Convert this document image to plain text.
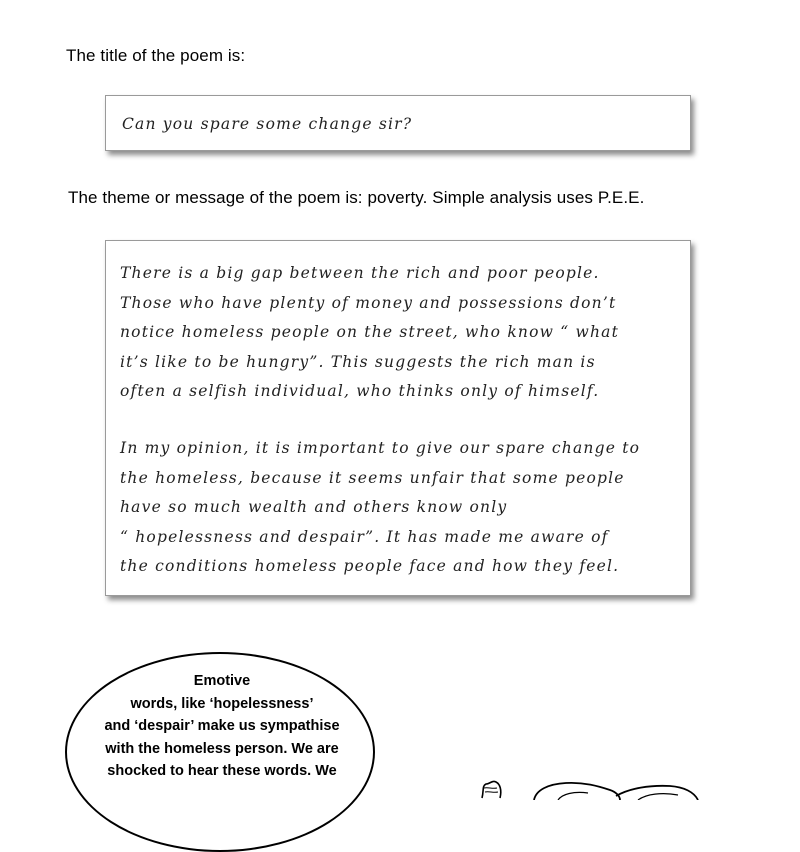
The title of the poem is:
Can you spare some change sir?
The theme or message of the poem is: poverty. Simple analysis uses P.E.E.
There is a big gap between the rich and poor people.
Those who have plenty of money and possessions don’t
notice homeless people on the street, who know “ what
it’s like to be hungry”. This suggests the rich man is
often a selfish individual, who thinks only of himself.
In my opinion, it is important to give our spare change to
the homeless, because it seems unfair that some people
have so much wealth and others know only
“ hopelessness and despair”. It has made me aware of
the conditions homeless people face and how they feel.
Emotive
words, like ‘hopelessness’
and ‘despair’ make us sympathise
with the homeless person. We are
shocked to hear these words. We
